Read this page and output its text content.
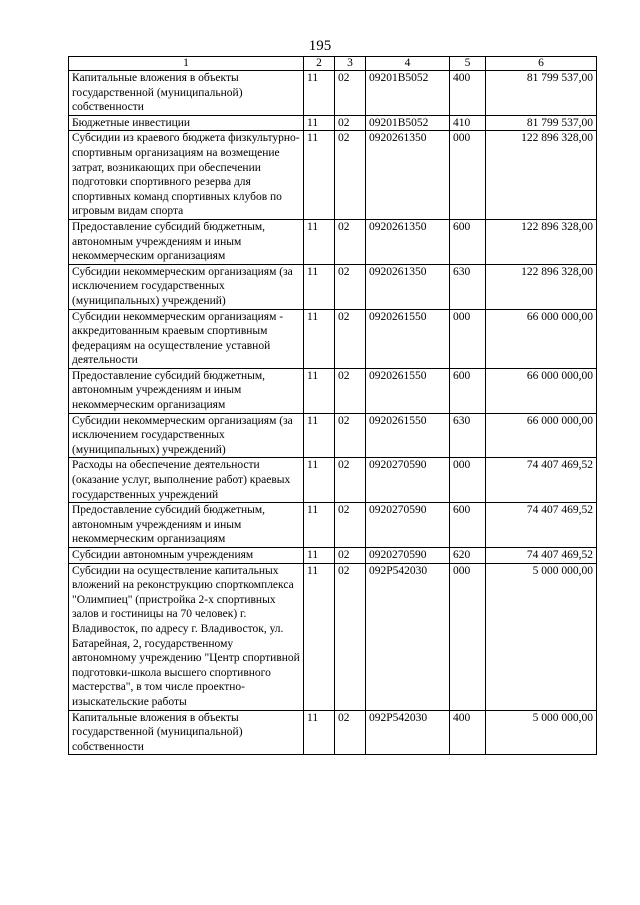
195
1	2	3	4	5	6
Капитальные вложения в объекты государственной (муниципальной) собственности	11	02	09201B5052	400	81 799 537,00
Бюджетные инвестиции	11	02	09201B5052	410	81 799 537,00
Субсидии из краевого бюджета физкультурно-спортивным организациям на возмещение затрат, возникающих при обеспечении подготовки спортивного резерва для спортивных команд спортивных клубов по игровым видам спорта	11	02	0920261350	000	122 896 328,00
Предоставление субсидий бюджетным, автономным учреждениям и иным некоммерческим организациям	11	02	0920261350	600	122 896 328,00
Субсидии некоммерческим организациям (за исключением государственных (муниципальных) учреждений)	11	02	0920261350	630	122 896 328,00
Субсидии некоммерческим организациям - аккредитованным краевым спортивным федерациям на осуществление уставной деятельности	11	02	0920261550	000	66 000 000,00
Предоставление субсидий бюджетным, автономным учреждениям и иным некоммерческим организациям	11	02	0920261550	600	66 000 000,00
Субсидии некоммерческим организациям (за исключением государственных (муниципальных) учреждений)	11	02	0920261550	630	66 000 000,00
Расходы на обеспечение деятельности (оказание услуг, выполнение работ) краевых государственных учреждений	11	02	0920270590	000	74 407 469,52
Предоставление субсидий бюджетным, автономным учреждениям и иным некоммерческим организациям	11	02	0920270590	600	74 407 469,52
Субсидии автономным учреждениям	11	02	0920270590	620	74 407 469,52
Субсидии на осуществление капитальных вложений на реконструкцию спорткомплекса "Олимпиец" (пристройка 2-х спортивных залов и гостиницы на 70 человек) г. Владивосток, по адресу г. Владивосток, ул. Батарейная, 2, государственному автономному учреждению "Центр спортивной подготовки-школа высшего спортивного мастерства", в том числе проектно-изыскательские работы	11	02	092P542030	000	5 000 000,00
Капитальные вложения в объекты государственной (муниципальной) собственности	11	02	092P542030	400	5 000 000,00
